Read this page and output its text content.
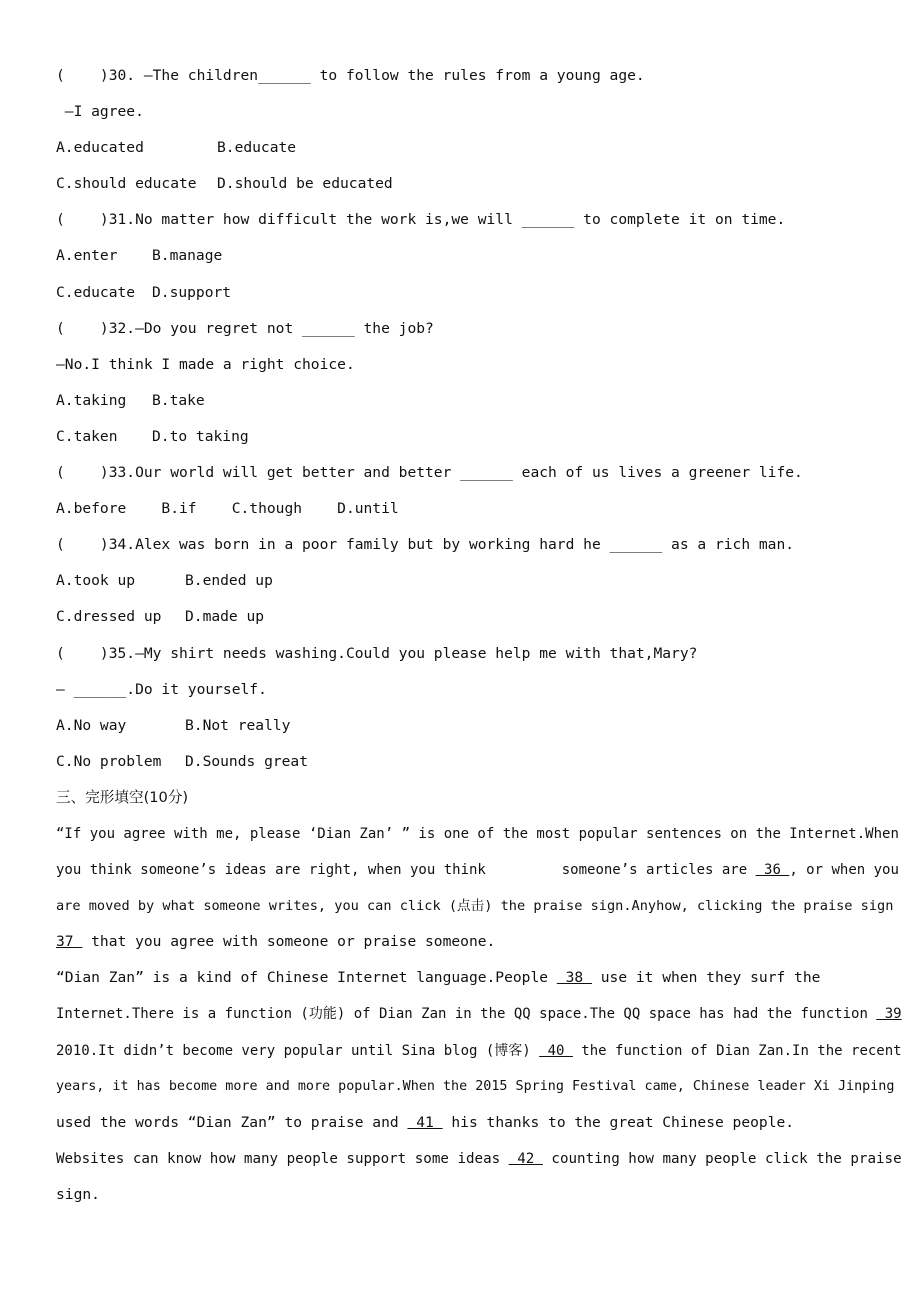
(    )30. —The children______ to follow the rules from a young age.
—I agree.
A.educated	B.educate
C.should educate D.should be educated
(    )31.No matter how difficult the work is,we will ______ to complete it on time.
A.enter B.manage
C.educate D.support
(    )32.—Do you regret not ______ the job?
—No.I think I made a right choice.
A.taking B.take
C.taken D.to taking
(    )33.Our world will get better and better ______ each of us lives a greener life.
A.before    B.if    C.though    D.until
(    )34.Alex was born in a poor family but by working hard he ______ as a rich man.
A.took up	B.ended up
C.dressed up D.made up
(    )35.—My shirt needs washing.Could you please help me with that,Mary?
— ______.Do it yourself.
A.No way	B.Not really
C.No problem D.Sounds great
三、完形填空(10分)
“If you agree with me, please ‘Dian Zan’ ” is one of the most popular sentences on the Internet.When
you think someone’s ideas are right, when you think         someone’s articles are  36 , or when you
are moved by what someone writes, you can click (点击) the praise sign.Anyhow, clicking the praise sign
37  that you agree with someone or praise someone.
“Dian Zan” is a kind of Chinese Internet language.People  38  use it when they surf the
Internet.There is a function (功能) of Dian Zan in the QQ space.The QQ space has had the function  39
2010.It didn’t become very popular until Sina blog (博客)  40  the function of Dian Zan.In the recent
years, it has become more and more popular.When the 2015 Spring Festival came, Chinese leader Xi Jinping
used the words “Dian Zan” to praise and  41  his thanks to the great Chinese people.
Websites can know how many people support some ideas  42  counting how many people click the praise
sign.
